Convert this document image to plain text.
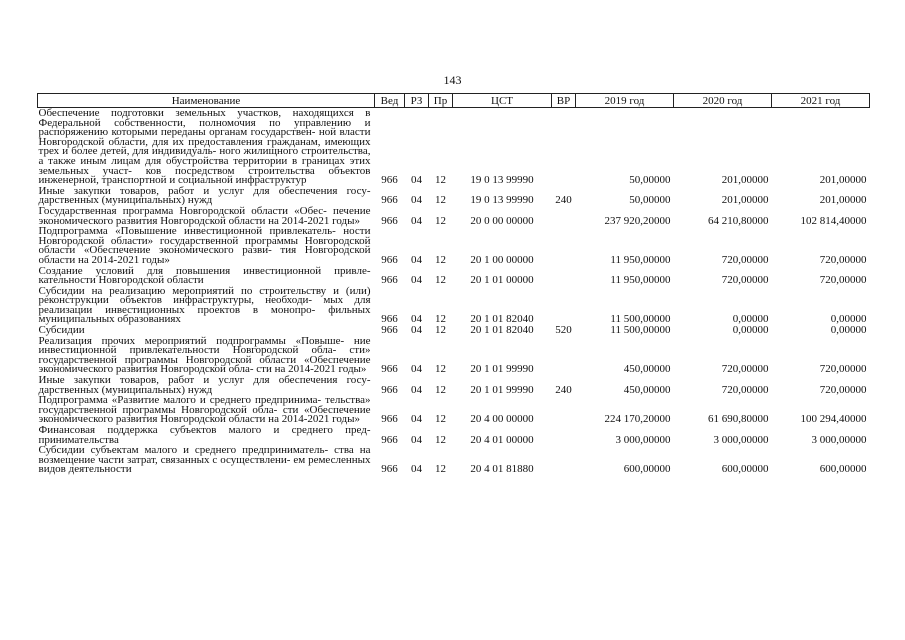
143
Наименование	Вед	РЗ	Пр	ЦСТ	ВР	2019 год	2020 год	2021 год
Обеспечение подготовки земельных участков, находящихся в Федеральной собственности, полномочия по управлению и распоряжению которыми переданы органам государствен- ной власти Новгородской области, для их предоставления гражданам, имеющих трех и более детей, для индивидуаль- ного жилищного строительства, а также иным лицам для обустройства территории в границах этих земельных участ- ков посредством строительства объектов инженерной, транспортной и социальной инфраструктур	966	04	12	19 0 13 99990		50,00000	201,00000	201,00000
Иные закупки товаров, работ и услуг для обеспечения госу- дарственных (муниципальных) нужд	966	04	12	19 0 13 99990	240	50,00000	201,00000	201,00000
Государственная программа Новгородской области «Обес- печение экономического развития Новгородской области на 2014-2021 годы»	966	04	12	20 0 00 00000		237 920,20000	64 210,80000	102 814,40000
Подпрограмма «Повышение инвестиционной привлекатель- ности Новгородской области» государственной программы Новгородской области «Обеспечение экономического разви- тия Новгородской области на 2014-2021 годы»	966	04	12	20 1 00 00000		11 950,00000	720,00000	720,00000
Создание условий для повышения инвестиционной привле- кательности Новгородской области	966	04	12	20 1 01 00000		11 950,00000	720,00000	720,00000
Субсидии на реализацию мероприятий по строительству и (или) реконструкции объектов инфраструктуры, необходи- мых для реализации инвестиционных проектов в монопро- фильных муниципальных образованиях	966	04	12	20 1 01 82040		11 500,00000	0,00000	0,00000
Субсидии	966	04	12	20 1 01 82040	520	11 500,00000	0,00000	0,00000
Реализация прочих мероприятий подпрограммы «Повыше- ние инвестиционной привлекательности Новгородской обла- сти» государственной программы Новгородской области «Обеспечение экономического развития Новгородской обла- сти на 2014-2021 годы»	966	04	12	20 1 01 99990		450,00000	720,00000	720,00000
Иные закупки товаров, работ и услуг для обеспечения госу- дарственных (муниципальных) нужд	966	04	12	20 1 01 99990	240	450,00000	720,00000	720,00000
Подпрограмма «Развитие малого и среднего предпринима- тельства» государственной программы Новгородской обла- сти «Обеспечение экономического развития Новгородской области на 2014-2021 годы»	966	04	12	20 4 00 00000		224 170,20000	61 690,80000	100 294,40000
Финансовая поддержка субъектов малого и среднего пред- принимательства	966	04	12	20 4 01 00000		3 000,00000	3 000,00000	3 000,00000
Субсидии субъектам малого и среднего предприниматель- ства на возмещение части затрат, связанных с осуществлени- ем ремесленных видов деятельности	966	04	12	20 4 01 81880		600,00000	600,00000	600,00000
